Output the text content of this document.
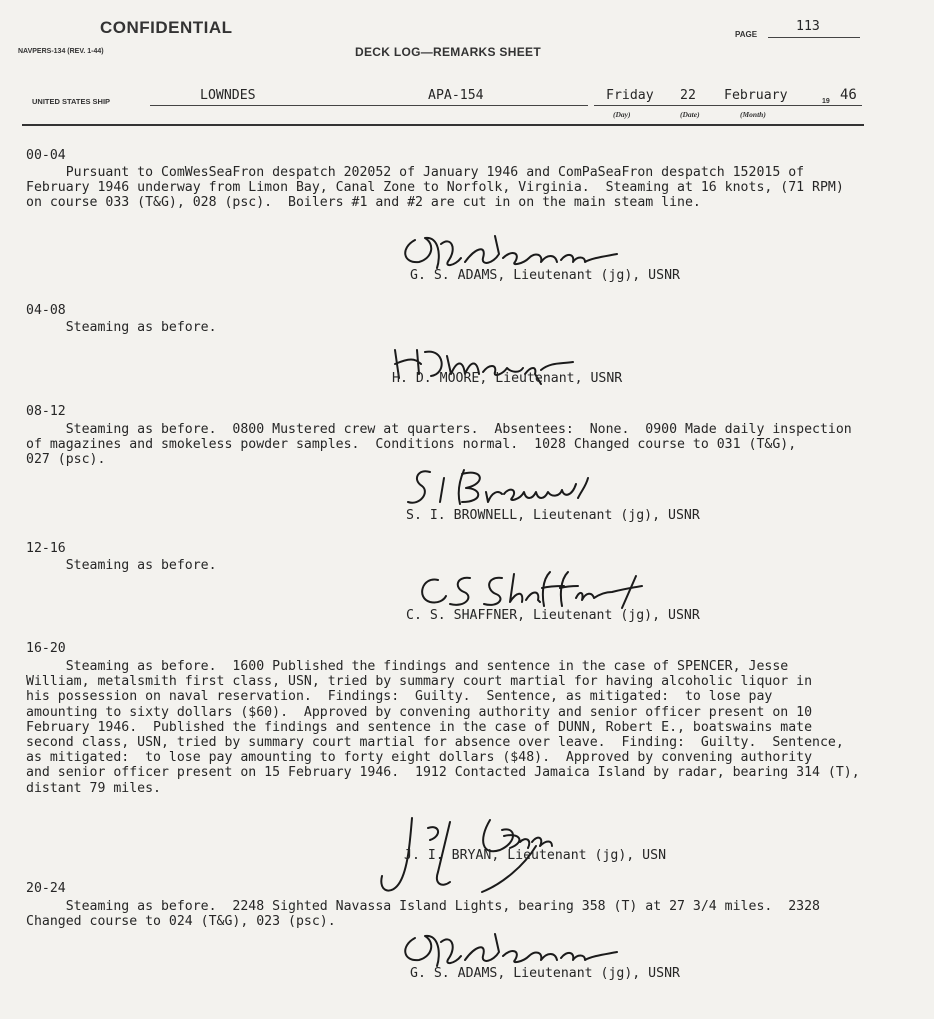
CONFIDENTIAL
NAVPERS-134 (REV. 1-44)	DECK LOG—REMARKS SHEET
PAGE
113
UNITED STATES SHIP	LOWNDES	APA-154	Friday 22 February	19 46
(Day)	(Date)	(Month)
00-04
Pursuant to ComWesSeaFron despatch 202052 of January 1946 and ComPaSeaFron despatch 152015 of
February 1946 underway from Limon Bay, Canal Zone to Norfolk, Virginia.  Steaming at 16 knots, (71 RPM)
on course 033 (T&G), 028 (psc).  Boilers #1 and #2 are cut in on the main steam line.
G. S. ADAMS, Lieutenant (jg), USNR
04-08
Steaming as before.
H. D. MOORE, Lieutenant, USNR
08-12
Steaming as before.  0800 Mustered crew at quarters.  Absentees:  None.  0900 Made daily inspection
of magazines and smokeless powder samples.  Conditions normal.  1028 Changed course to 031 (T&G),
027 (psc).
S. I. BROWNELL, Lieutenant (jg), USNR
12-16
Steaming as before.
C. S. SHAFFNER, Lieutenant (jg), USNR
16-20
Steaming as before.  1600 Published the findings and sentence in the case of SPENCER, Jesse
William, metalsmith first class, USN, tried by summary court martial for having alcoholic liquor in
his possession on naval reservation.  Findings:  Guilty.  Sentence, as mitigated:  to lose pay
amounting to sixty dollars ($60).  Approved by convening authority and senior officer present on 10
February 1946.  Published the findings and sentence in the case of DUNN, Robert E., boatswains mate
second class, USN, tried by summary court martial for absence over leave.  Finding:  Guilty.  Sentence,
as mitigated:  to lose pay amounting to forty eight dollars ($48).  Approved by convening authority
and senior officer present on 15 February 1946.  1912 Contacted Jamaica Island by radar, bearing 314 (T),
distant 79 miles.
J. I. BRYAN, Lieutenant (jg), USN
20-24
Steaming as before.  2248 Sighted Navassa Island Lights, bearing 358 (T) at 27 3/4 miles.  2328
Changed course to 024 (T&G), 023 (psc).
G. S. ADAMS, Lieutenant (jg), USNR
